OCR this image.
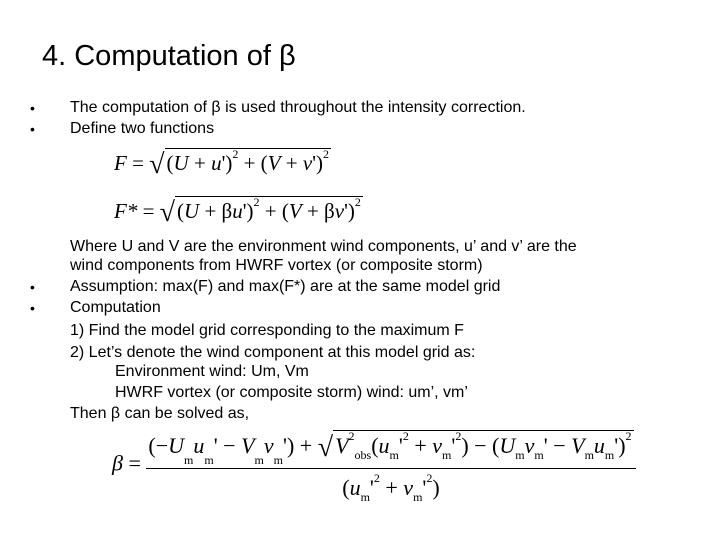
4. Computation of β
• The computation of β is used throughout the intensity correction.
• Define two functions
$F = √(U + u')^2 + (V + v')^2$
$F* = √(U + \beta u')^2 + (V + \beta v')^2$
Where U and V are the environment wind components, u’ and v’ are the
wind components from HWRF vortex (or composite storm)
• Assumption: max(F) and max(F*) are at the same model grid
• Computation
1) Find the model grid corresponding to the maximum F
2) Let’s denote the wind component at this model grid as:
Environment wind: Um, Vm
HWRF vortex (or composite storm) wind: um’, vm’
Then β can be solved as,
$\beta = \frac{(-Umum' - Vmvm') + √V^2obs(um'^2 + vm'^2) - (Umvm' - Vmum')^2}{(um'^2 + vm'^2)}$
